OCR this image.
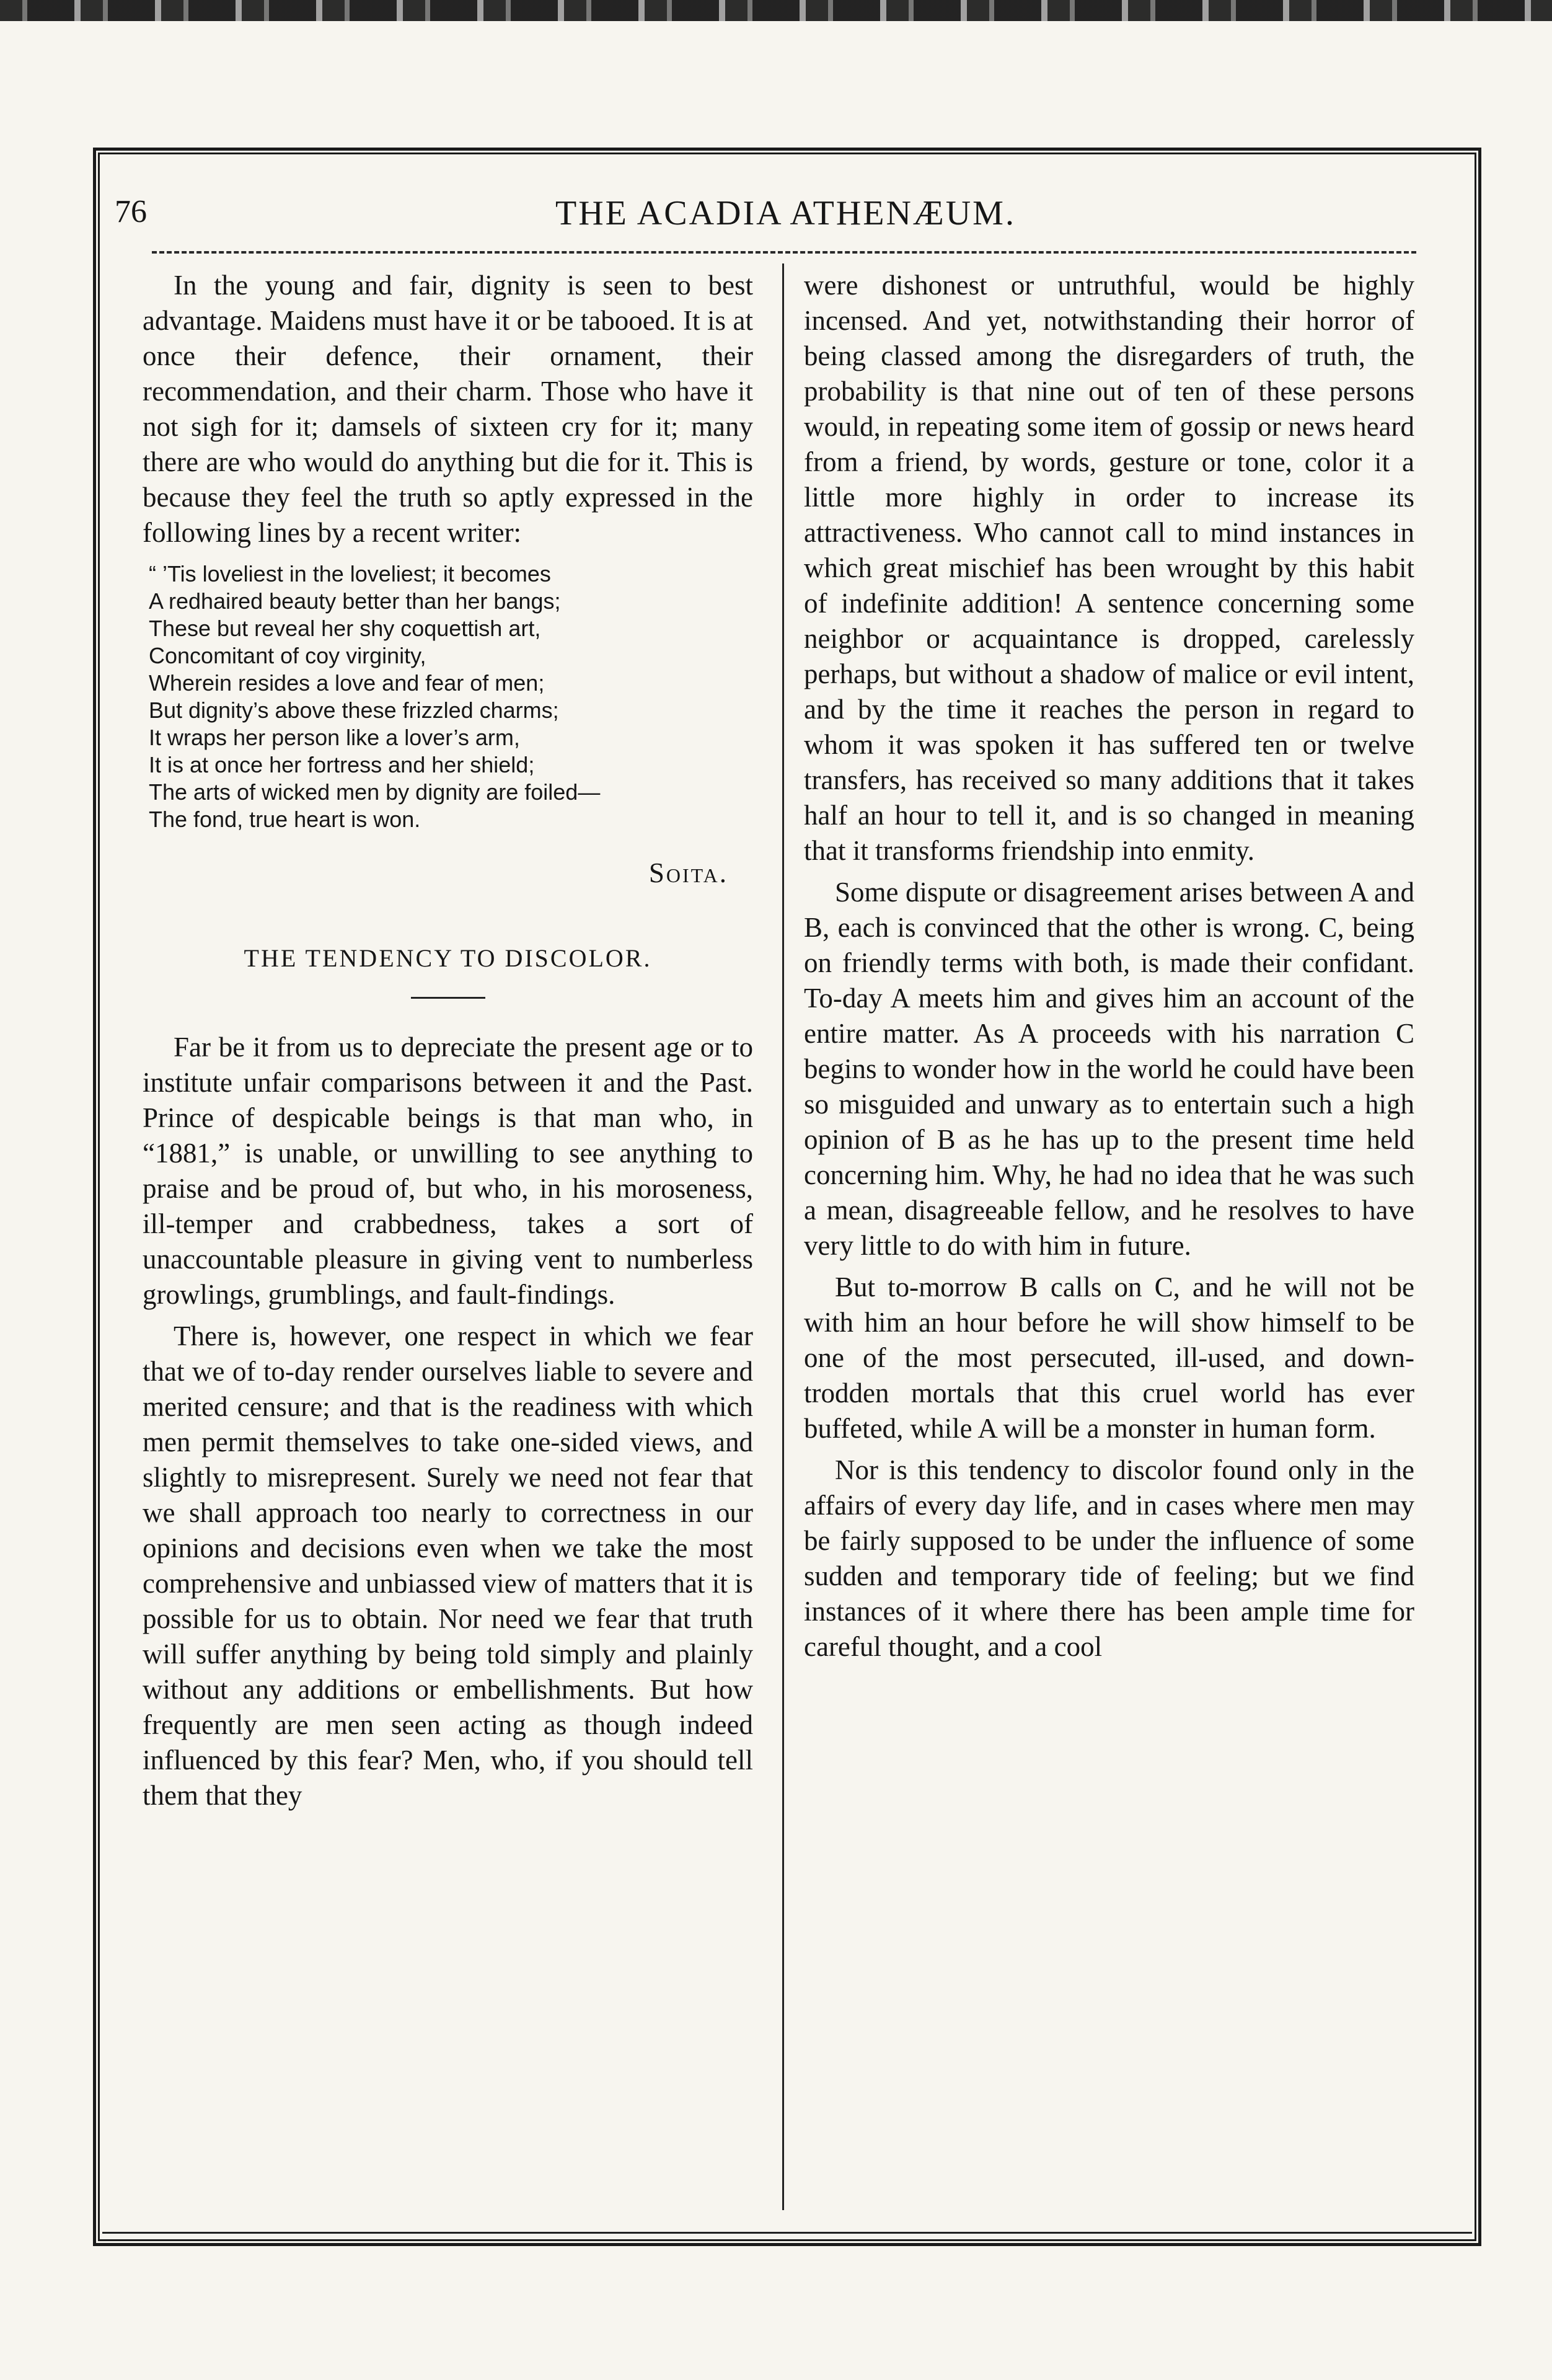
76	THE ACADIA ATHENÆUM.

In the young and fair, dignity is seen to best advantage. Maidens must have it or be tabooed. It is at once their defence, their ornament, their recommendation, and their charm. Those who have it not sigh for it; damsels of sixteen cry for it; many there are who would do anything but die for it. This is because they feel the truth so aptly expressed in the following lines by a recent writer:

“ ’Tis loveliest in the loveliest; it becomes
A redhaired beauty better than her bangs;
These but reveal her shy coquettish art,
Concomitant of coy virginity,
Wherein resides a love and fear of men;
But dignity’s above these frizzled charms;
It wraps her person like a lover’s arm,
It is at once her fortress and her shield;
The arts of wicked men by dignity are foiled—
The fond, true heart is won.
Soita.
THE TENDENCY TO DISCOLOR.

Far be it from us to depreciate the present age or to institute unfair comparisons between it and the Past. Prince of despicable beings is that man who, in “1881,” is unable, or unwilling to see anything to praise and be proud of, but who, in his moroseness, ill-temper and crabbedness, takes a sort of unaccountable pleasure in giving vent to numberless growlings, grumblings, and fault-findings.

There is, however, one respect in which we fear that we of to-day render ourselves liable to severe and merited censure; and that is the readiness with which men permit themselves to take one-sided views, and slightly to misrepresent. Surely we need not fear that we shall approach too nearly to correctness in our opinions and decisions even when we take the most comprehensive and unbiassed view of matters that it is possible for us to obtain. Nor need we fear that truth will suffer anything by being told simply and plainly without any additions or embellishments. But how frequently are men seen acting as though indeed influenced by this fear? Men, who, if you should tell them that they

were dishonest or untruthful, would be highly incensed. And yet, notwithstanding their horror of being classed among the disregarders of truth, the probability is that nine out of ten of these persons would, in repeating some item of gossip or news heard from a friend, by words, gesture or tone, color it a little more highly in order to increase its attractiveness. Who cannot call to mind instances in which great mischief has been wrought by this habit of indefinite addition! A sentence concerning some neighbor or acquaintance is dropped, carelessly perhaps, but without a shadow of malice or evil intent, and by the time it reaches the person in regard to whom it was spoken it has suffered ten or twelve transfers, has received so many additions that it takes half an hour to tell it, and is so changed in meaning that it transforms friendship into enmity.

Some dispute or disagreement arises between A and B, each is convinced that the other is wrong. C, being on friendly terms with both, is made their confidant. To-day A meets him and gives him an account of the entire matter. As A proceeds with his narration C begins to wonder how in the world he could have been so misguided and unwary as to entertain such a high opinion of B as he has up to the present time held concerning him. Why, he had no idea that he was such a mean, disagreeable fellow, and he resolves to have very little to do with him in future.

But to-morrow B calls on C, and he will not be with him an hour before he will show himself to be one of the most persecuted, ill-used, and down-trodden mortals that this cruel world has ever buffeted, while A will be a monster in human form.

Nor is this tendency to discolor found only in the affairs of every day life, and in cases where men may be fairly supposed to be under the influence of some sudden and temporary tide of feeling; but we find instances of it where there has been ample time for careful thought, and a cool
